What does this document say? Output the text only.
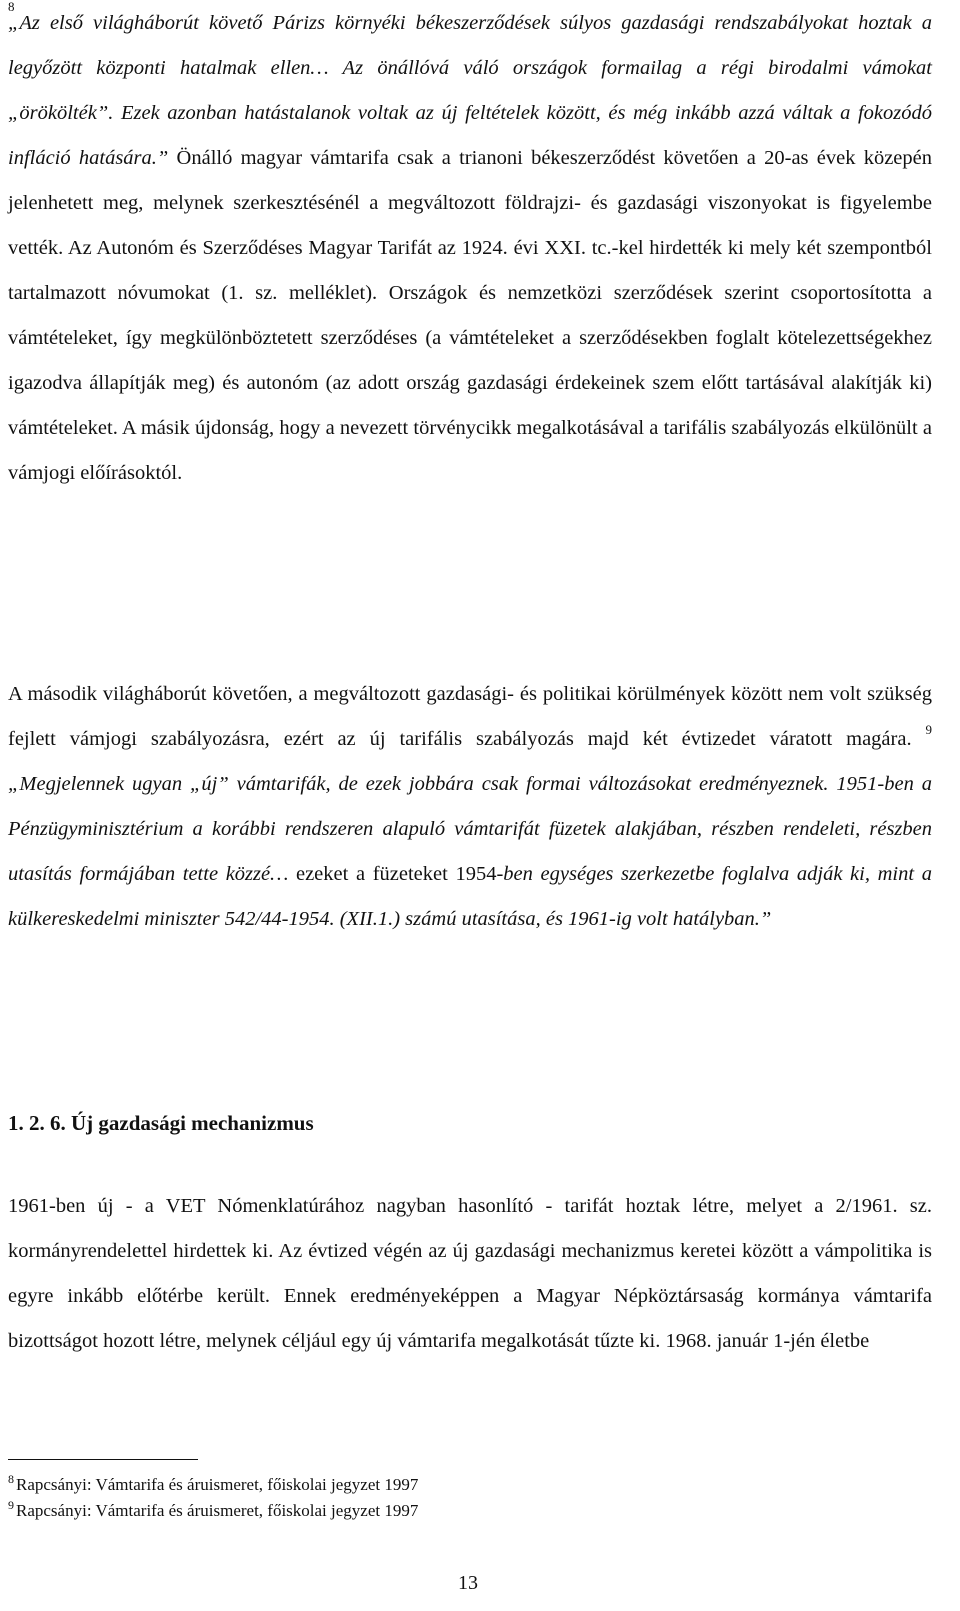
8

„Az első világháborút követő Párizs környéki békeszerződések súlyos gazdasági rendszabályokat hoztak a legyőzött központi hatalmak ellen… Az önállóvá váló országok formailag a régi birodalmi vámokat „örökölték”. Ezek azonban hatástalanok voltak az új feltételek között, és még inkább azzá váltak a fokozódó infláció hatására.” Önálló magyar vámtarifa csak a trianoni békeszerződést követően a 20-as évek közepén jelenhetett meg, melynek szerkesztésénél a megváltozott földrajzi- és gazdasági viszonyokat is figyelembe vették. Az Autonóm és Szerződéses Magyar Tarifát az 1924. évi XXI. tc.-kel hirdették ki mely két szempontból tartalmazott nóvumokat (1. sz. melléklet). Országok és nemzetközi szerződések szerint csoportosította a vámtételeket, így megkülönböztetett szerződéses (a vámtételeket a szerződésekben foglalt kötelezettségekhez igazodva állapítják meg) és autonóm (az adott ország gazdasági érdekeinek szem előtt tartásával alakítják ki) vámtételeket. A másik újdonság, hogy a nevezett törvénycikk megalkotásával a tarifális szabályozás elkülönült a vámjogi előírásoktól.

A második világháborút követően, a megváltozott gazdasági- és politikai körülmények között nem volt szükség fejlett vámjogi szabályozásra, ezért az új tarifális szabályozás majd két évtizedet váratott magára. $^9$ „Megjelennek ugyan „új” vámtarifák, de ezek jobbára csak formai változásokat eredményeznek. 1951-ben a Pénzügyminisztérium a korábbi rendszeren alapuló vámtarifát füzetek alakjában, részben rendeleti, részben utasítás formájában tette közzé… ezeket a füzeteket 1954-ben egységes szerkezetbe foglalva adják ki, mint a külkereskedelmi miniszter 542/44-1954. (XII.1.) számú utasítása, és 1961-ig volt hatályban.”

1. 2. 6. Új gazdasági mechanizmus

1961-ben új - a VET Nómenklatúrához nagyban hasonlító - tarifát hoztak létre, melyet a 2/1961. sz. kormányrendelettel hirdettek ki. Az évtized végén az új gazdasági mechanizmus keretei között a vámpolitika is egyre inkább előtérbe került. Ennek eredményeképpen a Magyar Népköztársaság kormánya vámtarifa bizottságot hozott létre, melynek céljául egy új vámtarifa megalkotását tűzte ki. 1968. január 1-jén életbe

$^8$ Rapcsányi: Vámtarifa és áruismeret, főiskolai jegyzet 1997

$^9$ Rapcsányi: Vámtarifa és áruismeret, főiskolai jegyzet 1997

13
